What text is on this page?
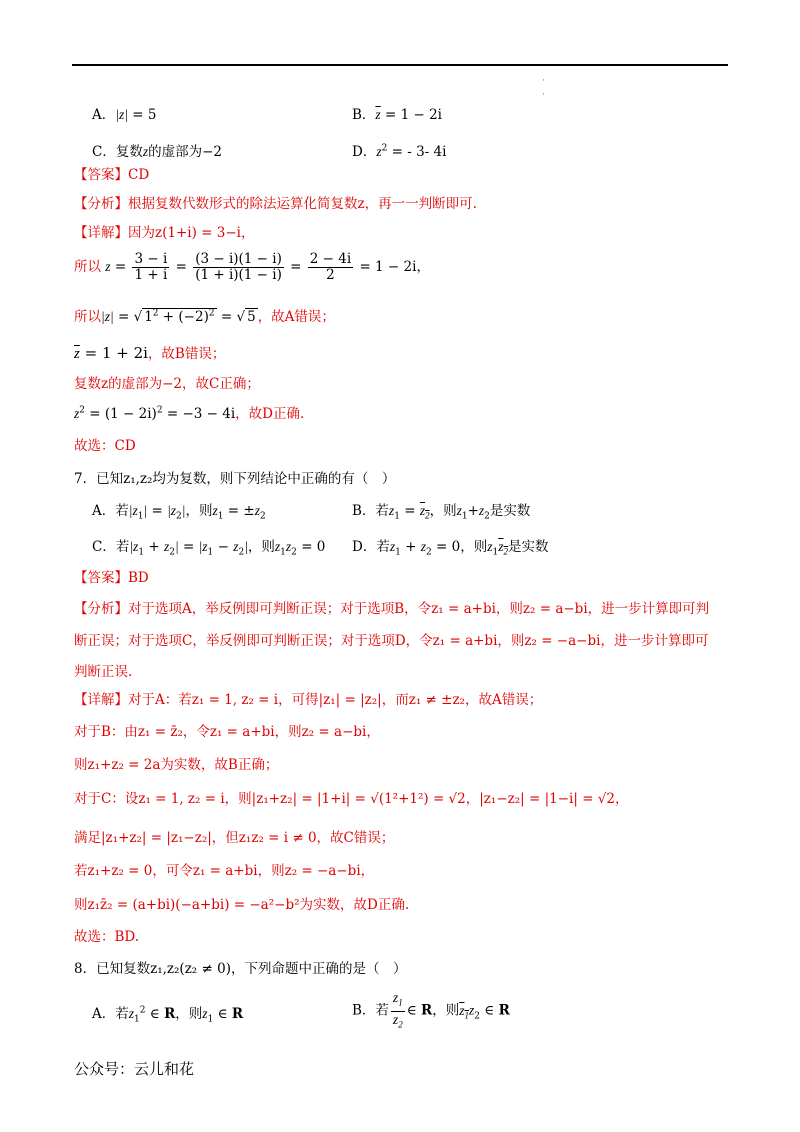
·
·
A．|z| = 5	B．$\overline{z} = 1 - 2i$
C．复数z的虚部为−2	D．$z^2$ = - 3- 4i
【答案】CD
【分析】根据复数代数形式的除法运算化简复数z，再一一判断即可.
【详解】因为z(1+i) = 3−i，
所以 $z = \frac{3 - i}{1 + i} = \frac{(3 - i)(1 - i)}{(1 + i)(1 - i)} = \frac{2 - 4i}{2} = 1 - 2i$，
所以|z| = √ $1^2 + (-2)^2$ = √ 5 ，故A错误；
$\overline{z} = 1 + 2i$，故B错误；
复数z的虚部为−2，故C正确；
$z^2 = (1 - 2i)^2 = -3 - 4i$，故D正确.
故选：CD
7．已知z₁,z₂均为复数，则下列结论中正确的有（　）
A．若$|z_1| = |z_2|$，则$z_1 = \pm z_2$	B．若$z_1 = z_2$，则$z_1+z_2$是实数
C．若$|z_1 + z_2| = |z_1 - z_2|$，则$z_1z_2 = 0$ D．若$z_1 + z_2 = 0$，则$z_1z_2$是实数
【答案】BD
【分析】对于选项A，举反例即可判断正误；对于选项B，令z₁ = a+bi，则z₂ = a−bi，进一步计算即可判
断正误；对于选项C，举反例即可判断正误；对于选项D，令z₁ = a+bi，则z₂ = −a−bi，进一步计算即可
判断正误.
【详解】对于A：若z₁ = 1, z₂ = i，可得|z₁| = |z₂|，而z₁ ≠ ±z₂，故A错误；
对于B：由z₁ = z̄₂，令z₁ = a+bi，则z₂ = a−bi，
则z₁+z₂ = 2a为实数，故B正确；
对于C：设z₁ = 1, z₂ = i，则|z₁+z₂| = |1+i| = √(1²+1²) = √2，|z₁−z₂| = |1−i| = √2，
满足|z₁+z₂| = |z₁−z₂|，但z₁z₂ = i ≠ 0，故C错误；
若z₁+z₂ = 0，可令z₁ = a+bi，则z₂ = −a−bi，
则z₁z̄₂ = (a+bi)(−a+bi) = −a²−b²为实数，故D正确.
故选：BD.
8．已知复数z₁,z₂(z₂ ≠ 0)，下列命题中正确的是（　）
A．若$z_1^2$ ∈ R，则$z_1$ ∈ R	B．若 $\frac{z_1}{z_2}$ ∈ R，则$z_1z_2$ ∈ R
公众号：云儿和花
